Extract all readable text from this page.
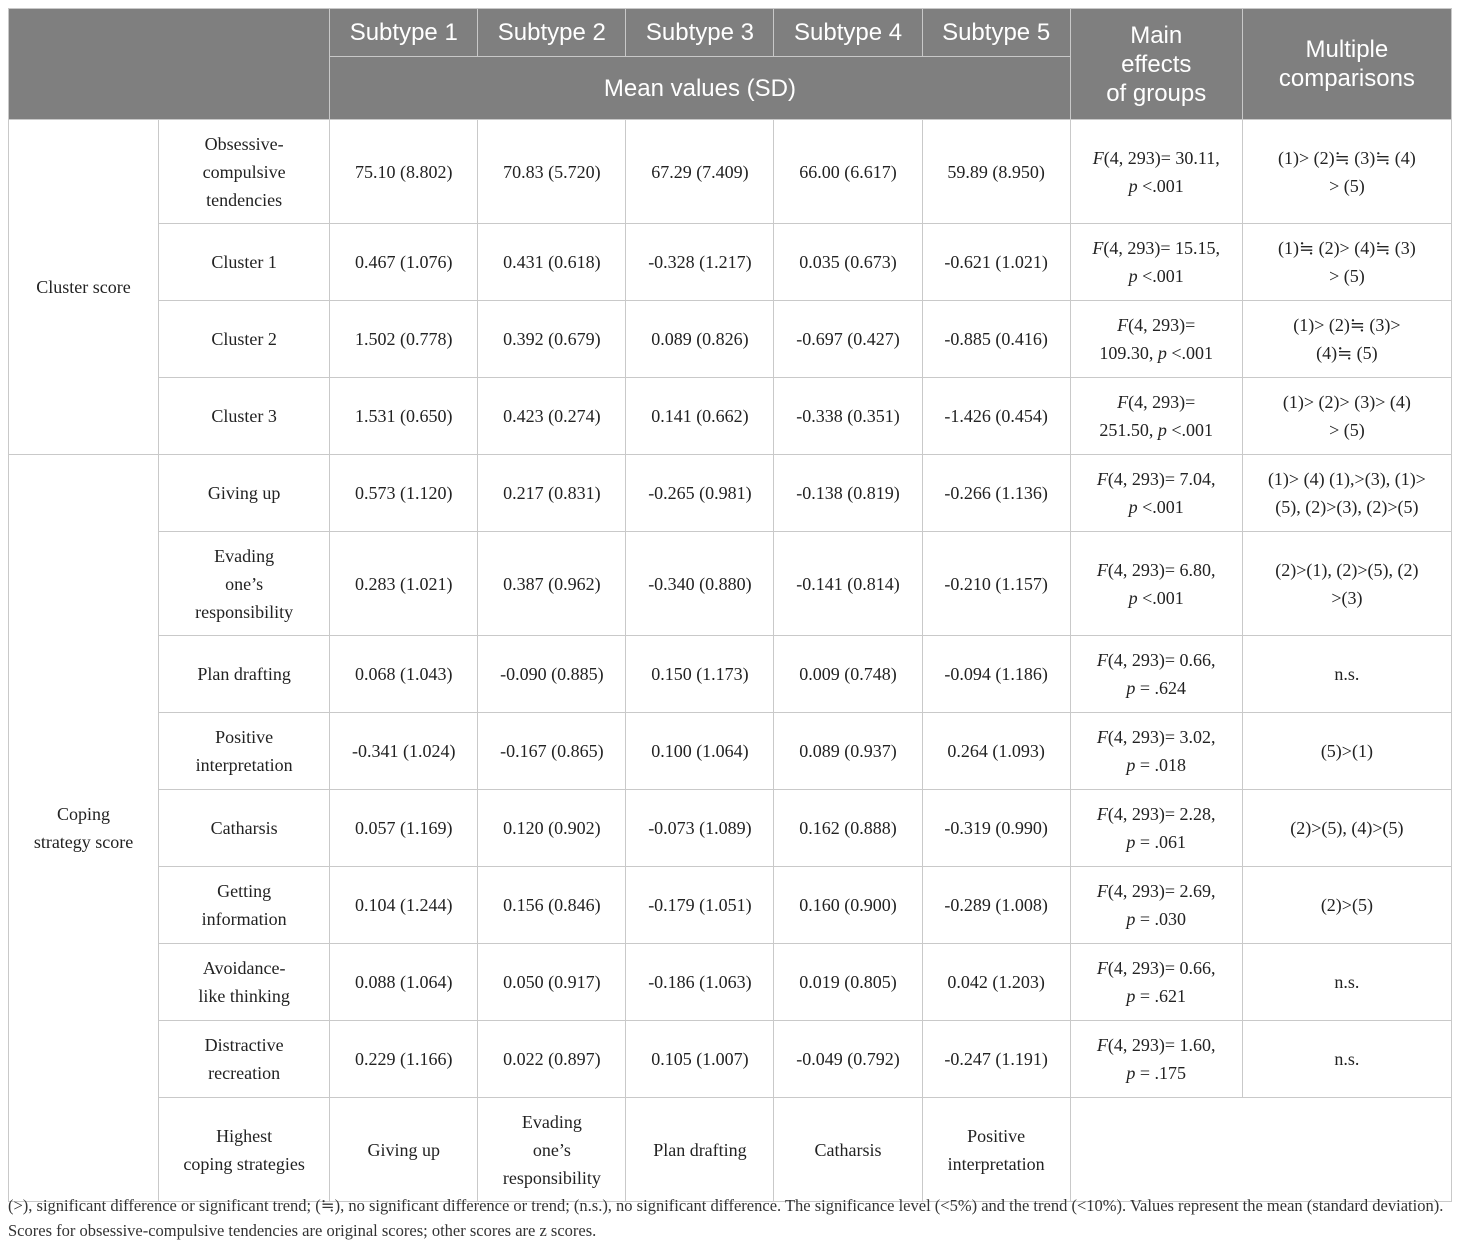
		Subtype 1	Subtype 2	Subtype 3	Subtype 4	Subtype 5	Main
effects
of groups	Multiple
comparisons

		Mean values (SD)						
Cluster score	Obsessive-
compulsive
tendencies	75.10 (8.802)	70.83 (5.720)	67.29 (7.409)	66.00 (6.617)	59.89 (8.950)	F(4, 293)= 30.11,
p <.001	(1)> (2)≒ (3)≒ (4)
> (5)

	Cluster 1	0.467 (1.076)	0.431 (0.618)	-0.328 (1.217)	0.035 (0.673)	-0.621 (1.021)	F(4, 293)= 15.15,
p <.001	(1)≒ (2)> (4)≒ (3)
> (5)

	Cluster 2	1.502 (0.778)	0.392 (0.679)	0.089 (0.826)	-0.697 (0.427)	-0.885 (0.416)	F(4, 293)=
109.30, p <.001	(1)> (2)≒ (3)>
(4)≒ (5)

	Cluster 3	1.531 (0.650)	0.423 (0.274)	0.141 (0.662)	-0.338 (0.351)	-1.426 (0.454)	F(4, 293)=
251.50, p <.001	(1)> (2)> (3)> (4)
> (5)

Coping
strategy score	Giving up	0.573 (1.120)	0.217 (0.831)	-0.265 (0.981)	-0.138 (0.819)	-0.266 (1.136)	F(4, 293)= 7.04,
p <.001	(1)> (4) (1),>(3), (1)>
(5), (2)>(3), (2)>(5)

	Evading
one’s
responsibility	0.283 (1.021)	0.387 (0.962)	-0.340 (0.880)	-0.141 (0.814)	-0.210 (1.157)	F(4, 293)= 6.80,
p <.001	(2)>(1), (2)>(5), (2)
>(3)

	Plan drafting	0.068 (1.043)	-0.090 (0.885)	0.150 (1.173)	0.009 (0.748)	-0.094 (1.186)	F(4, 293)= 0.66,
p = .624	n.s.

	Positive
interpretation	-0.341 (1.024)	-0.167 (0.865)	0.100 (1.064)	0.089 (0.937)	0.264 (1.093)	F(4, 293)= 3.02,
p = .018	(5)>(1)

	Catharsis	0.057 (1.169)	0.120 (0.902)	-0.073 (1.089)	0.162 (0.888)	-0.319 (0.990)	F(4, 293)= 2.28,
p = .061	(2)>(5), (4)>(5)

	Getting
information	0.104 (1.244)	0.156 (0.846)	-0.179 (1.051)	0.160 (0.900)	-0.289 (1.008)	F(4, 293)= 2.69,
p = .030	(2)>(5)

	Avoidance-
like thinking	0.088 (1.064)	0.050 (0.917)	-0.186 (1.063)	0.019 (0.805)	0.042 (1.203)	F(4, 293)= 0.66,
p = .621	n.s.

	Distractive
recreation	0.229 (1.166)	0.022 (0.897)	0.105 (1.007)	-0.049 (0.792)	-0.247 (1.191)	F(4, 293)= 1.60,
p = .175	n.s.

	Highest
coping strategies	Giving up	Evading
one’s
responsibility	Plan drafting	Catharsis	Positive
interpretation		

(>), significant difference or significant trend; (≒), no significant difference or trend; (n.s.), no significant difference. The significance level (<5%) and the trend (<10%). Values represent the mean (standard deviation). Scores for obsessive-compulsive tendencies are original scores; other scores are z scores.
